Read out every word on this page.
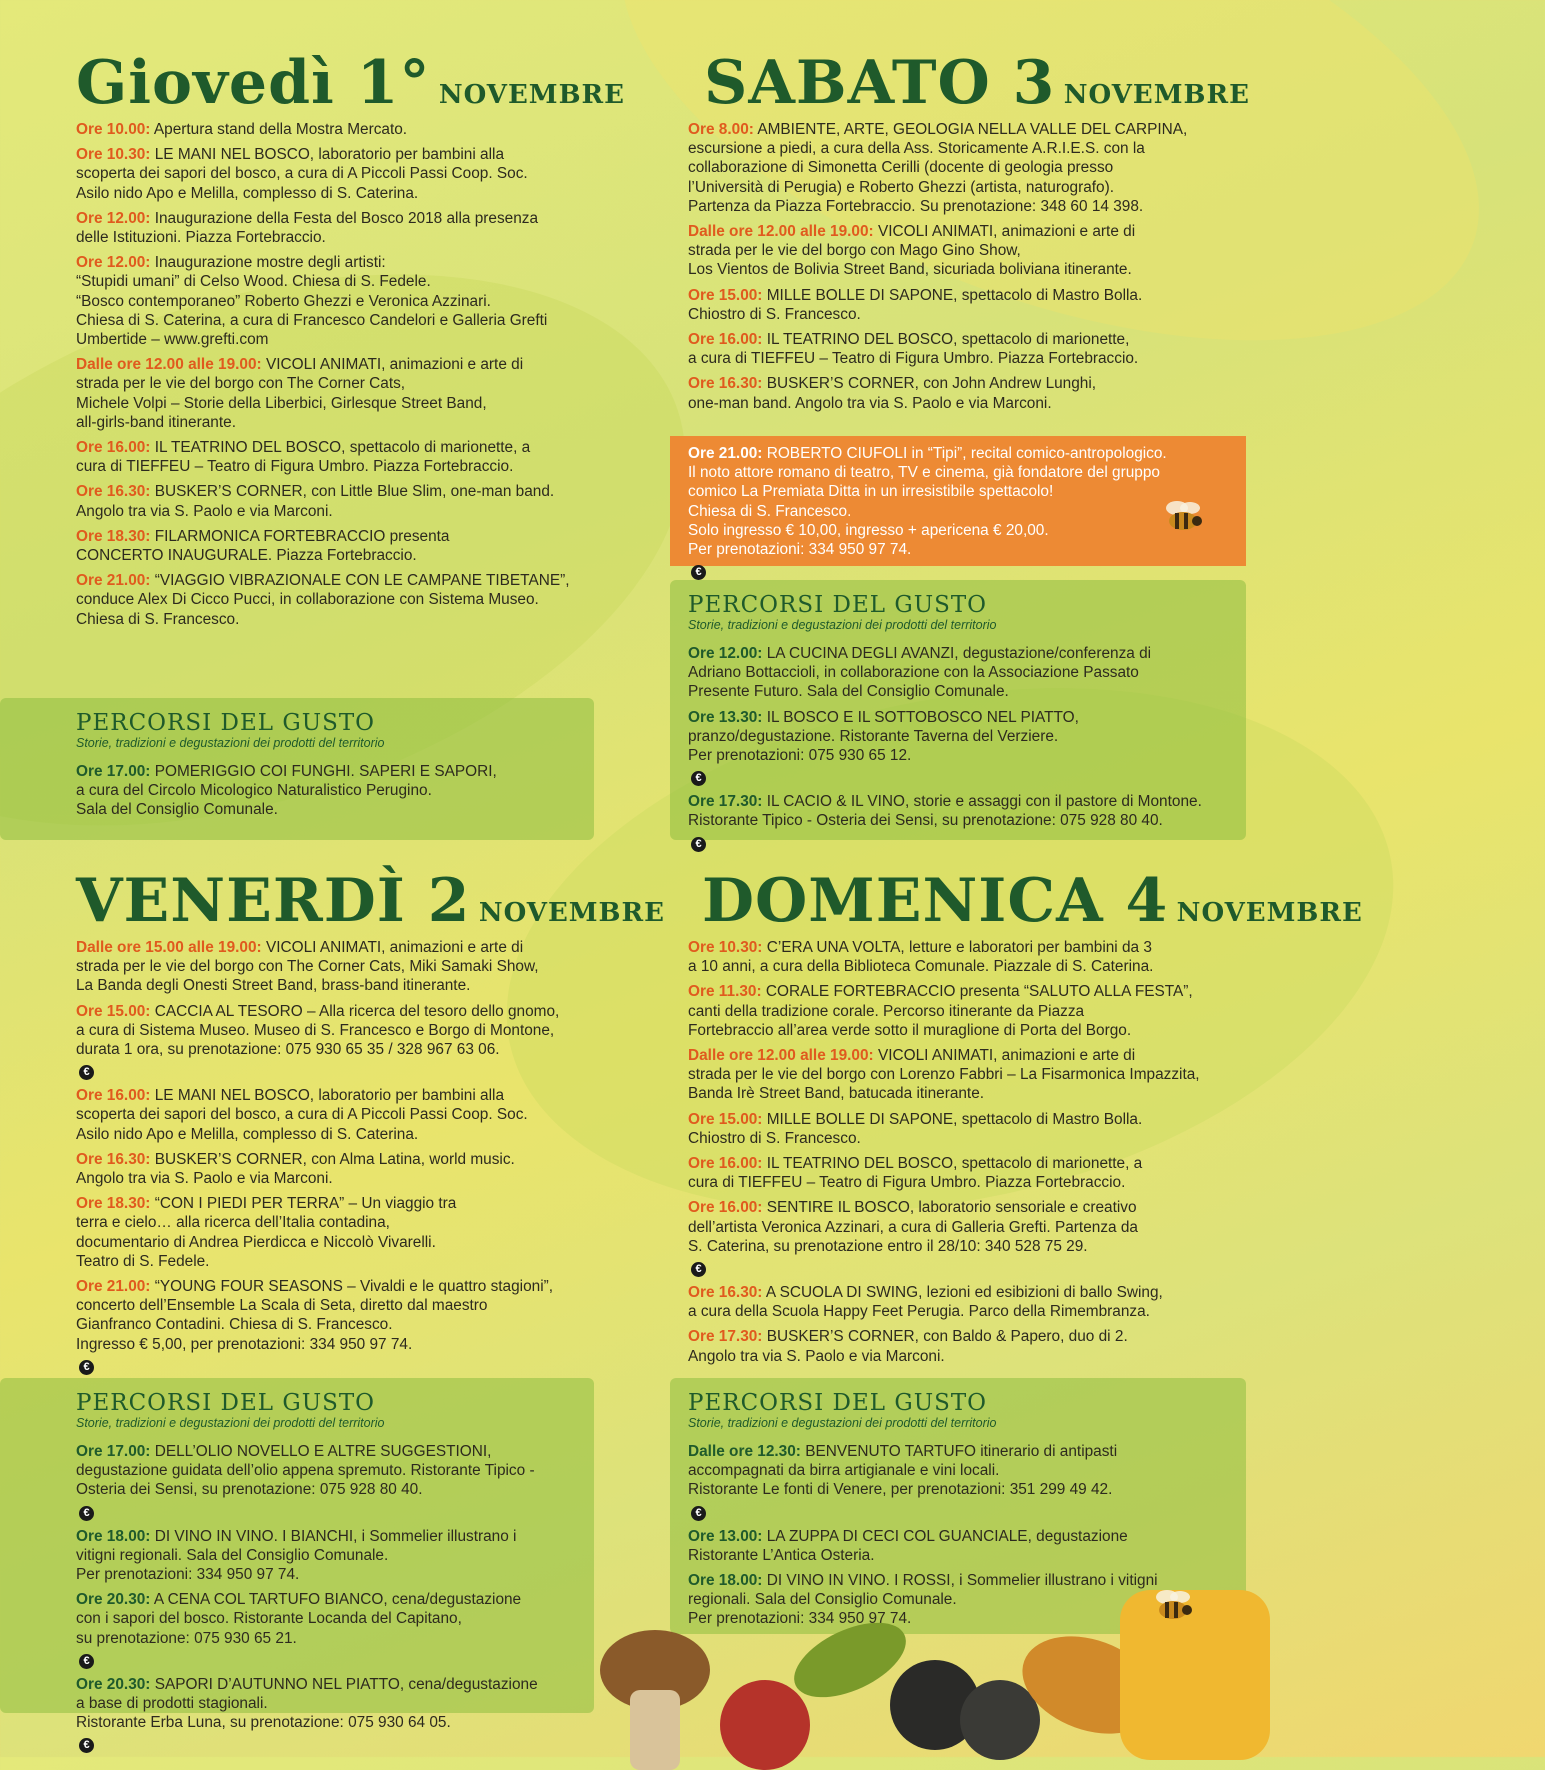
Giovedì 1° NOVEMBRE

Ore 10.00: Apertura stand della Mostra Mercato.

Ore 10.30: LE MANI NEL BOSCO, laboratorio per bambini alla
scoperta dei sapori del bosco, a cura di A Piccoli Passi Coop. Soc.
Asilo nido Apo e Melilla, complesso di S. Caterina.

Ore 12.00: Inaugurazione della Festa del Bosco 2018 alla presenza
delle Istituzioni. Piazza Fortebraccio.

Ore 12.00: Inaugurazione mostre degli artisti:
“Stupidi umani” di Celso Wood. Chiesa di S. Fedele.
“Bosco contemporaneo” Roberto Ghezzi e Veronica Azzinari.
Chiesa di S. Caterina, a cura di Francesco Candelori e Galleria Grefti
Umbertide – www.grefti.com

Dalle ore 12.00 alle 19.00: VICOLI ANIMATI, animazioni e arte di
strada per le vie del borgo con The Corner Cats,
Michele Volpi – Storie della Liberbici, Girlesque Street Band,
all-girls-band itinerante.

Ore 16.00: IL TEATRINO DEL BOSCO, spettacolo di marionette, a
cura di TIEFFEU – Teatro di Figura Umbro. Piazza Fortebraccio.

Ore 16.30: BUSKER’S CORNER, con Little Blue Slim, one-man band.
Angolo tra via S. Paolo e via Marconi.

Ore 18.30: FILARMONICA FORTEBRACCIO presenta
CONCERTO INAUGURALE. Piazza Fortebraccio.

Ore 21.00: “VIAGGIO VIBRAZIONALE CON LE CAMPANE TIBETANE”,
conduce Alex Di Cicco Pucci, in collaborazione con Sistema Museo.
Chiesa di S. Francesco.

PERCORSI DEL GUSTO
Storie, tradizioni e degustazioni dei prodotti del territorio

Ore 17.00: POMERIGGIO COI FUNGHI. SAPERI E SAPORI,
a cura del Circolo Micologico Naturalistico Perugino.
Sala del Consiglio Comunale.

VENERDÌ 2 NOVEMBRE

Dalle ore 15.00 alle 19.00: VICOLI ANIMATI, animazioni e arte di
strada per le vie del borgo con The Corner Cats, Miki Samaki Show,
La Banda degli Onesti Street Band, brass-band itinerante.

Ore 15.00: CACCIA AL TESORO – Alla ricerca del tesoro dello gnomo,
a cura di Sistema Museo. Museo di S. Francesco e Borgo di Montone,
durata 1 ora, su prenotazione: 075 930 65 35 / 328 967 63 06.
€

Ore 16.00: LE MANI NEL BOSCO, laboratorio per bambini alla
scoperta dei sapori del bosco, a cura di A Piccoli Passi Coop. Soc.
Asilo nido Apo e Melilla, complesso di S. Caterina.

Ore 16.30: BUSKER’S CORNER, con Alma Latina, world music.
Angolo tra via S. Paolo e via Marconi.

Ore 18.30: “CON I PIEDI PER TERRA” – Un viaggio tra
terra e cielo… alla ricerca dell’Italia contadina,
documentario di Andrea Pierdicca e Niccolò Vivarelli.
Teatro di S. Fedele.

Ore 21.00: “YOUNG FOUR SEASONS – Vivaldi e le quattro stagioni”,
concerto dell’Ensemble La Scala di Seta, diretto dal maestro
Gianfranco Contadini. Chiesa di S. Francesco.
Ingresso € 5,00, per prenotazioni: 334 950 97 74.
€

PERCORSI DEL GUSTO
Storie, tradizioni e degustazioni dei prodotti del territorio

Ore 17.00: DELL’OLIO NOVELLO E ALTRE SUGGESTIONI,
degustazione guidata dell’olio appena spremuto. Ristorante Tipico -
Osteria dei Sensi, su prenotazione: 075 928 80 40.
€

Ore 18.00: DI VINO IN VINO. I BIANCHI, i Sommelier illustrano i
vitigni regionali. Sala del Consiglio Comunale.
Per prenotazioni: 334 950 97 74.

Ore 20.30: A CENA COL TARTUFO BIANCO, cena/degustazione
con i sapori del bosco. Ristorante Locanda del Capitano,
su prenotazione: 075 930 65 21.
€

Ore 20.30: SAPORI D’AUTUNNO NEL PIATTO, cena/degustazione
a base di prodotti stagionali.
Ristorante Erba Luna, su prenotazione: 075 930 64 05.
€

SABATO 3 NOVEMBRE

Ore 8.00: AMBIENTE, ARTE, GEOLOGIA NELLA VALLE DEL CARPINA,
escursione a piedi, a cura della Ass. Storicamente A.R.I.E.S. con la
collaborazione di Simonetta Cerilli (docente di geologia presso
l’Università di Perugia) e Roberto Ghezzi (artista, naturografo).
Partenza da Piazza Fortebraccio. Su prenotazione: 348 60 14 398.

Dalle ore 12.00 alle 19.00: VICOLI ANIMATI, animazioni e arte di
strada per le vie del borgo con Mago Gino Show,
Los Vientos de Bolivia Street Band, sicuriada boliviana itinerante.

Ore 15.00: MILLE BOLLE DI SAPONE, spettacolo di Mastro Bolla.
Chiostro di S. Francesco.

Ore 16.00: IL TEATRINO DEL BOSCO, spettacolo di marionette,
a cura di TIEFFEU – Teatro di Figura Umbro. Piazza Fortebraccio.

Ore 16.30: BUSKER’S CORNER, con John Andrew Lunghi,
one-man band. Angolo tra via S. Paolo e via Marconi.

Ore 21.00: ROBERTO CIUFOLI in “Tipi”, recital comico-antropologico.
Il noto attore romano di teatro, TV e cinema, già fondatore del gruppo
comico La Premiata Ditta in un irresistibile spettacolo!
Chiesa di S. Francesco.
Solo ingresso € 10,00, ingresso + apericena € 20,00.
Per prenotazioni: 334 950 97 74.
€

PERCORSI DEL GUSTO
Storie, tradizioni e degustazioni dei prodotti del territorio

Ore 12.00: LA CUCINA DEGLI AVANZI, degustazione/conferenza di
Adriano Bottaccioli, in collaborazione con la Associazione Passato
Presente Futuro. Sala del Consiglio Comunale.

Ore 13.30: IL BOSCO E IL SOTTOBOSCO NEL PIATTO,
pranzo/degustazione. Ristorante Taverna del Verziere.
Per prenotazioni: 075 930 65 12.
€

Ore 17.30: IL CACIO & IL VINO, storie e assaggi con il pastore di Montone.
Ristorante Tipico - Osteria dei Sensi, su prenotazione: 075 928 80 40.
€

DOMENICA 4 NOVEMBRE

Ore 10.30: C’ERA UNA VOLTA, letture e laboratori per bambini da 3
a 10 anni, a cura della Biblioteca Comunale. Piazzale di S. Caterina.

Ore 11.30: CORALE FORTEBRACCIO presenta “SALUTO ALLA FESTA”,
canti della tradizione corale. Percorso itinerante da Piazza
Fortebraccio all’area verde sotto il muraglione di Porta del Borgo.

Dalle ore 12.00 alle 19.00: VICOLI ANIMATI, animazioni e arte di
strada per le vie del borgo con Lorenzo Fabbri – La Fisarmonica Impazzita,
Banda Irè Street Band, batucada itinerante.

Ore 15.00: MILLE BOLLE DI SAPONE, spettacolo di Mastro Bolla.
Chiostro di S. Francesco.

Ore 16.00: IL TEATRINO DEL BOSCO, spettacolo di marionette, a
cura di TIEFFEU – Teatro di Figura Umbro. Piazza Fortebraccio.

Ore 16.00: SENTIRE IL BOSCO, laboratorio sensoriale e creativo
dell’artista Veronica Azzinari, a cura di Galleria Grefti. Partenza da
S. Caterina, su prenotazione entro il 28/10: 340 528 75 29.
€

Ore 16.30: A SCUOLA DI SWING, lezioni ed esibizioni di ballo Swing,
a cura della Scuola Happy Feet Perugia. Parco della Rimembranza.

Ore 17.30: BUSKER’S CORNER, con Baldo & Papero, duo di 2.
Angolo tra via S. Paolo e via Marconi.

PERCORSI DEL GUSTO
Storie, tradizioni e degustazioni dei prodotti del territorio

Dalle ore 12.30: BENVENUTO TARTUFO itinerario di antipasti
accompagnati da birra artigianale e vini locali.
Ristorante Le fonti di Venere, per prenotazioni: 351 299 49 42.
€

Ore 13.00: LA ZUPPA DI CECI COL GUANCIALE, degustazione
Ristorante L’Antica Osteria.

Ore 18.00: DI VINO IN VINO. I ROSSI, i Sommelier illustrano i vitigni
regionali. Sala del Consiglio Comunale.
Per prenotazioni: 334 950 97 74.
